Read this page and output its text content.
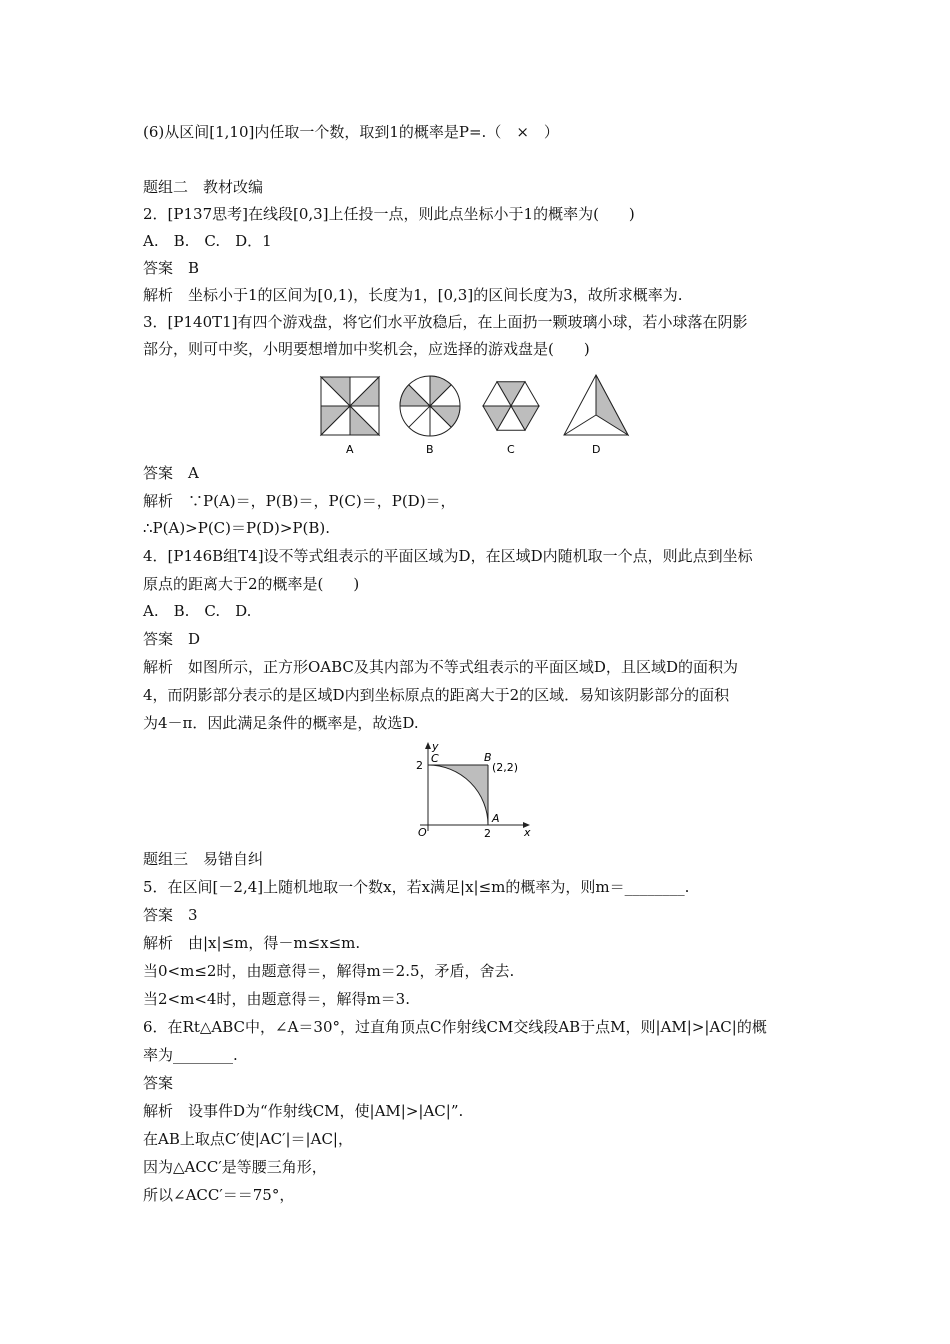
(6)从区间[1,10]内任取一个数，取到1的概率是P=.（　×　）
题组二　教材改编
2．[P137思考]在线段[0,3]上任投一点，则此点坐标小于1的概率为(　　)
A.　B.　C.　D．1
答案　B
解析　坐标小于1的区间为[0,1)，长度为1，[0,3]的区间长度为3，故所求概率为.
3．[P140T1]有四个游戏盘，将它们水平放稳后，在上面扔一颗玻璃小球，若小球落在阴影
部分，则可中奖，小明要想增加中奖机会，应选择的游戏盘是(　　)
A	B	C	D
答案　A
解析　∵P(A)＝，P(B)＝，P(C)＝，P(D)＝，
∴P(A)>P(C)＝P(D)>P(B).
4．[P146B组T4]设不等式组表示的平面区域为D，在区域D内随机取一个点，则此点到坐标
原点的距离大于2的概率是(　　)
A.　B.　C.　D.
答案　D
解析　如图所示，正方形OABC及其内部为不等式组表示的平面区域D，且区域D的面积为
4，而阴影部分表示的是区域D内到坐标原点的距离大于2的区域．易知该阴影部分的面积
为4－π．因此满足条件的概率是，故选D.
y
x
O
2
2
C	B
(2,2)
A
题组三　易错自纠
5．在区间[－2,4]上随机地取一个数x，若x满足|x|≤m的概率为，则m＝________.
答案　3
解析　由|x|≤m，得－m≤x≤m.
当0<m≤2时，由题意得＝，解得m＝2.5，矛盾，舍去.
当2<m<4时，由题意得＝，解得m＝3.
6．在Rt△ABC中，∠A＝30°，过直角顶点C作射线CM交线段AB于点M，则|AM|>|AC|的概
率为________.
答案
解析　设事件D为“作射线CM，使|AM|>|AC|”.
在AB上取点C′使|AC′|＝|AC|，
因为△ACC′是等腰三角形，
所以∠ACC′＝＝75°，
